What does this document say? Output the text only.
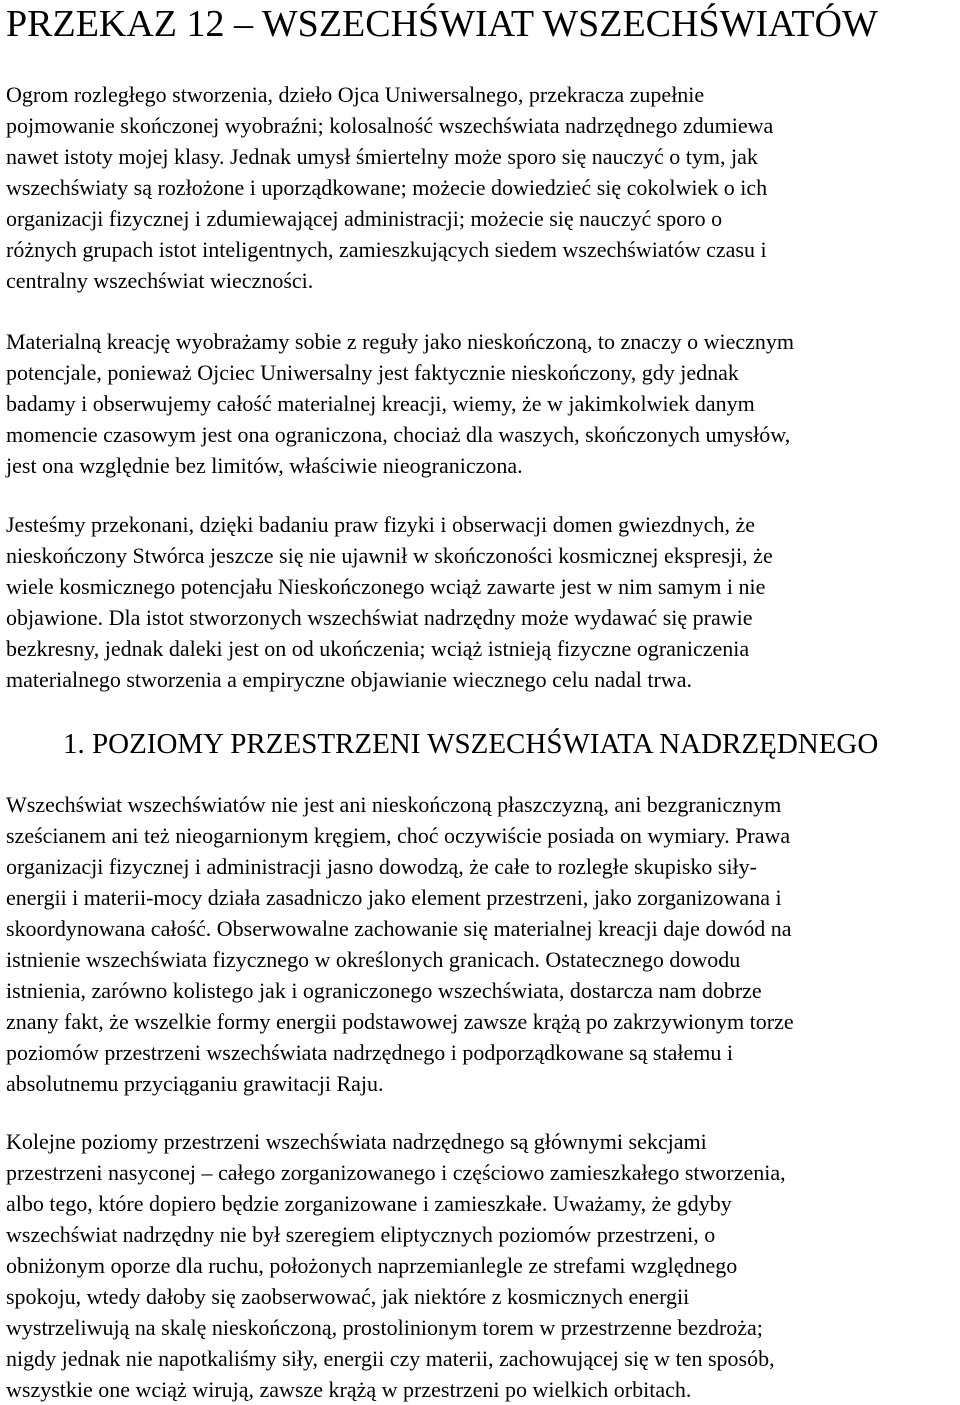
PRZEKAZ 12 – WSZECHŚWIAT WSZECHŚWIATÓW

Ogrom rozległego stworzenia, dzieło Ojca Uniwersalnego, przekracza zupełnie
pojmowanie skończonej wyobraźni; kolosalność wszechświata nadrzędnego zdumiewa
nawet istoty mojej klasy. Jednak umysł śmiertelny może sporo się nauczyć o tym, jak
wszechświaty są rozłożone i uporządkowane; możecie dowiedzieć się cokolwiek o ich
organizacji fizycznej i zdumiewającej administracji; możecie się nauczyć sporo o
różnych grupach istot inteligentnych, zamieszkujących siedem wszechświatów czasu i
centralny wszechświat wieczności.

Materialną kreację wyobrażamy sobie z reguły jako nieskończoną, to znaczy o wiecznym
potencjale, ponieważ Ojciec Uniwersalny jest faktycznie nieskończony, gdy jednak
badamy i obserwujemy całość materialnej kreacji, wiemy, że w jakimkolwiek danym
momencie czasowym jest ona ograniczona, chociaż dla waszych, skończonych umysłów,
jest ona względnie bez limitów, właściwie nieograniczona.

Jesteśmy przekonani, dzięki badaniu praw fizyki i obserwacji domen gwiezdnych, że
nieskończony Stwórca jeszcze się nie ujawnił w skończoności kosmicznej ekspresji, że
wiele kosmicznego potencjału Nieskończonego wciąż zawarte jest w nim samym i nie
objawione. Dla istot stworzonych wszechświat nadrzędny może wydawać się prawie
bezkresny, jednak daleki jest on od ukończenia; wciąż istnieją fizyczne ograniczenia
materialnego stworzenia a empiryczne objawianie wiecznego celu nadal trwa.

1. POZIOMY PRZESTRZENI WSZECHŚWIATA NADRZĘDNEGO

Wszechświat wszechświatów nie jest ani nieskończoną płaszczyzną, ani bezgranicznym
sześcianem ani też nieogarnionym kręgiem, choć oczywiście posiada on wymiary. Prawa
organizacji fizycznej i administracji jasno dowodzą, że całe to rozległe skupisko siły-
energii i materii-mocy działa zasadniczo jako element przestrzeni, jako zorganizowana i
skoordynowana całość. Obserwowalne zachowanie się materialnej kreacji daje dowód na
istnienie wszechświata fizycznego w określonych granicach. Ostatecznego dowodu
istnienia, zarówno kolistego jak i ograniczonego wszechświata, dostarcza nam dobrze
znany fakt, że wszelkie formy energii podstawowej zawsze krążą po zakrzywionym torze
poziomów przestrzeni wszechświata nadrzędnego i podporządkowane są stałemu i
absolutnemu przyciąganiu grawitacji Raju.

Kolejne poziomy przestrzeni wszechświata nadrzędnego są głównymi sekcjami
przestrzeni nasyconej – całego zorganizowanego i częściowo zamieszkałego stworzenia,
albo tego, które dopiero będzie zorganizowane i zamieszkałe. Uważamy, że gdyby
wszechświat nadrzędny nie był szeregiem eliptycznych poziomów przestrzeni, o
obniżonym oporze dla ruchu, położonych naprzemianlegle ze strefami względnego
spokoju, wtedy dałoby się zaobserwować, jak niektóre z kosmicznych energii
wystrzeliwują na skalę nieskończoną, prostolinionym torem w przestrzenne bezdroża;
nigdy jednak nie napotkaliśmy siły, energii czy materii, zachowującej się w ten sposób,
wszystkie one wciąż wirują, zawsze krążą w przestrzeni po wielkich orbitach.
